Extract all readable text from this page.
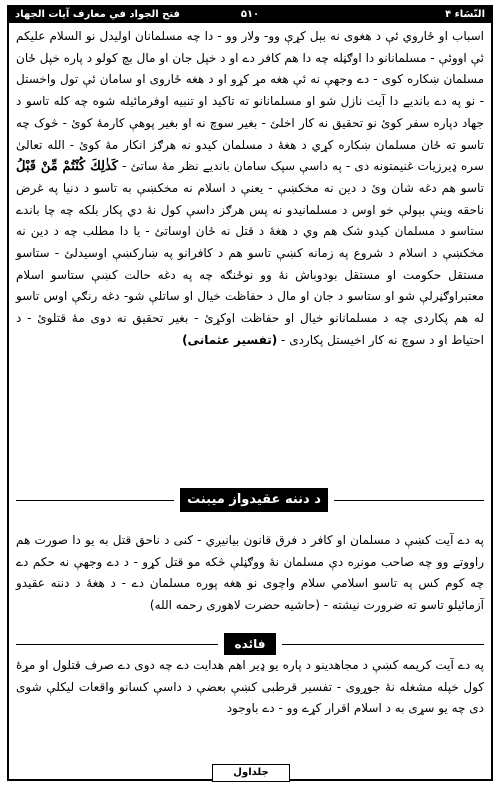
فتح الجواد في معارف آيات الجهاد	۵۱۰	النّسَاء ۴
اسباب او ځاروي ئې د هغوی نه بېل کړې وو- ولار وو - دا چه مسلمانان اوليدل نو السلام عليکم ئې اووئې - مسلمانانو دا اوګڼله چه دا هم کافر دے او د خپل جان او مال بچ کولو د پاره خپل ځان مسلمان ښکاره کوی - دے وجهې نه ئې هغه مړ کړو او د هغه ځاروی او سامان ئې تول واخستل - نو په دے بانديے دا آيت نازل شو او مسلمانانو ته تاکيد او تنبيه اوفرمائيله شوه چه کله تاسو د جهاد دپاره سفر کوئ نو تحقيق نه کار اخلئ - بغير سوچ نه او بغير پوهې کارمۀ کوئ - څوک چه تاسو ته ځان مسلمان ښکاره کړي د هغۀ د مسلمان کيدو نه هرګز انکار مۀ کوئ - الله تعالیٰ سره ډيرزيات غنيمتونه دی - په داسې سپک سامان بانديے نظر مۀ ساتئ - كَذٰلِكَ كُنْتُمْ مِّنْ قَبْلُ تاسو هم دغه شان وئ د دين نه مخکښې - يعنې د اسلام نه مخکښې به تاسو د دنيا په غرض ناحقه وينې بېولې خو اوس د مسلمانيدو نه پس هرګز داسې کول نۀ دي پکار بلکه چه چا باندے ستاسو د مسلمان کيدو شک هم وي د هغۀ د قتل نه ځان اوساتئ - يا دا مطلب چه د دين نه مخکښې د اسلام د شروع په زمانه کښې تاسو هم د کافرانو په ښارکښې اوسيدلئ - ستاسو مستقل حکومت او مستقل بودوباش نۀ وو نوځنګه چه په دغه حالت کښې ستاسو اسلام معتبراوګڼرلې شو او ستاسو د جان او مال د حفاظت خيال او ساتلې شو- دغه رنګې اوس تاسو له هم پکاردی چه د مسلمانانو خيال او حفاظت اوکړئ - بغير تحقيق نه دوی مۀ قتلوئ - د احتياط او د سوچ نه کار اخيستل پکاردی - (تفسير عثمانی)
د دننه عقيدواز ميبنت ضروری نۀ دے
په دے آيت کښې د مسلمان او کافر د فرق قانون بيانيږي - کنی د ناحق قتل به يو دا صورت هم راووتے وو چه صاحب مونږه دې مسلمان نۀ ووګڼلې څکه مو قتل کړو - د دے وجهې نه حکم دے چه کوم کس په تاسو اسلامي سلام واچوی نو هغه پوره مسلمان دے - د هغۀ د دننه عقيدو آزمائيلو تاسو ته ضرورت نيشته - (حاشيه حضرت لاهوری رحمه الله)
فائده
په دے آيت کريمه کښې د مجاهدينو د پاره يو ډير اهم هدايت دے چه دوی دے صرف قتلول او مړۀ کول خپله مشغله نۀ جوړوی - تفسير قرطبی کښې بعضې د داسې کسانو واقعات ليکلې شوی دی چه يو سړی به د اسلام اقرار کړے وو - دے باوجود
جلداول
